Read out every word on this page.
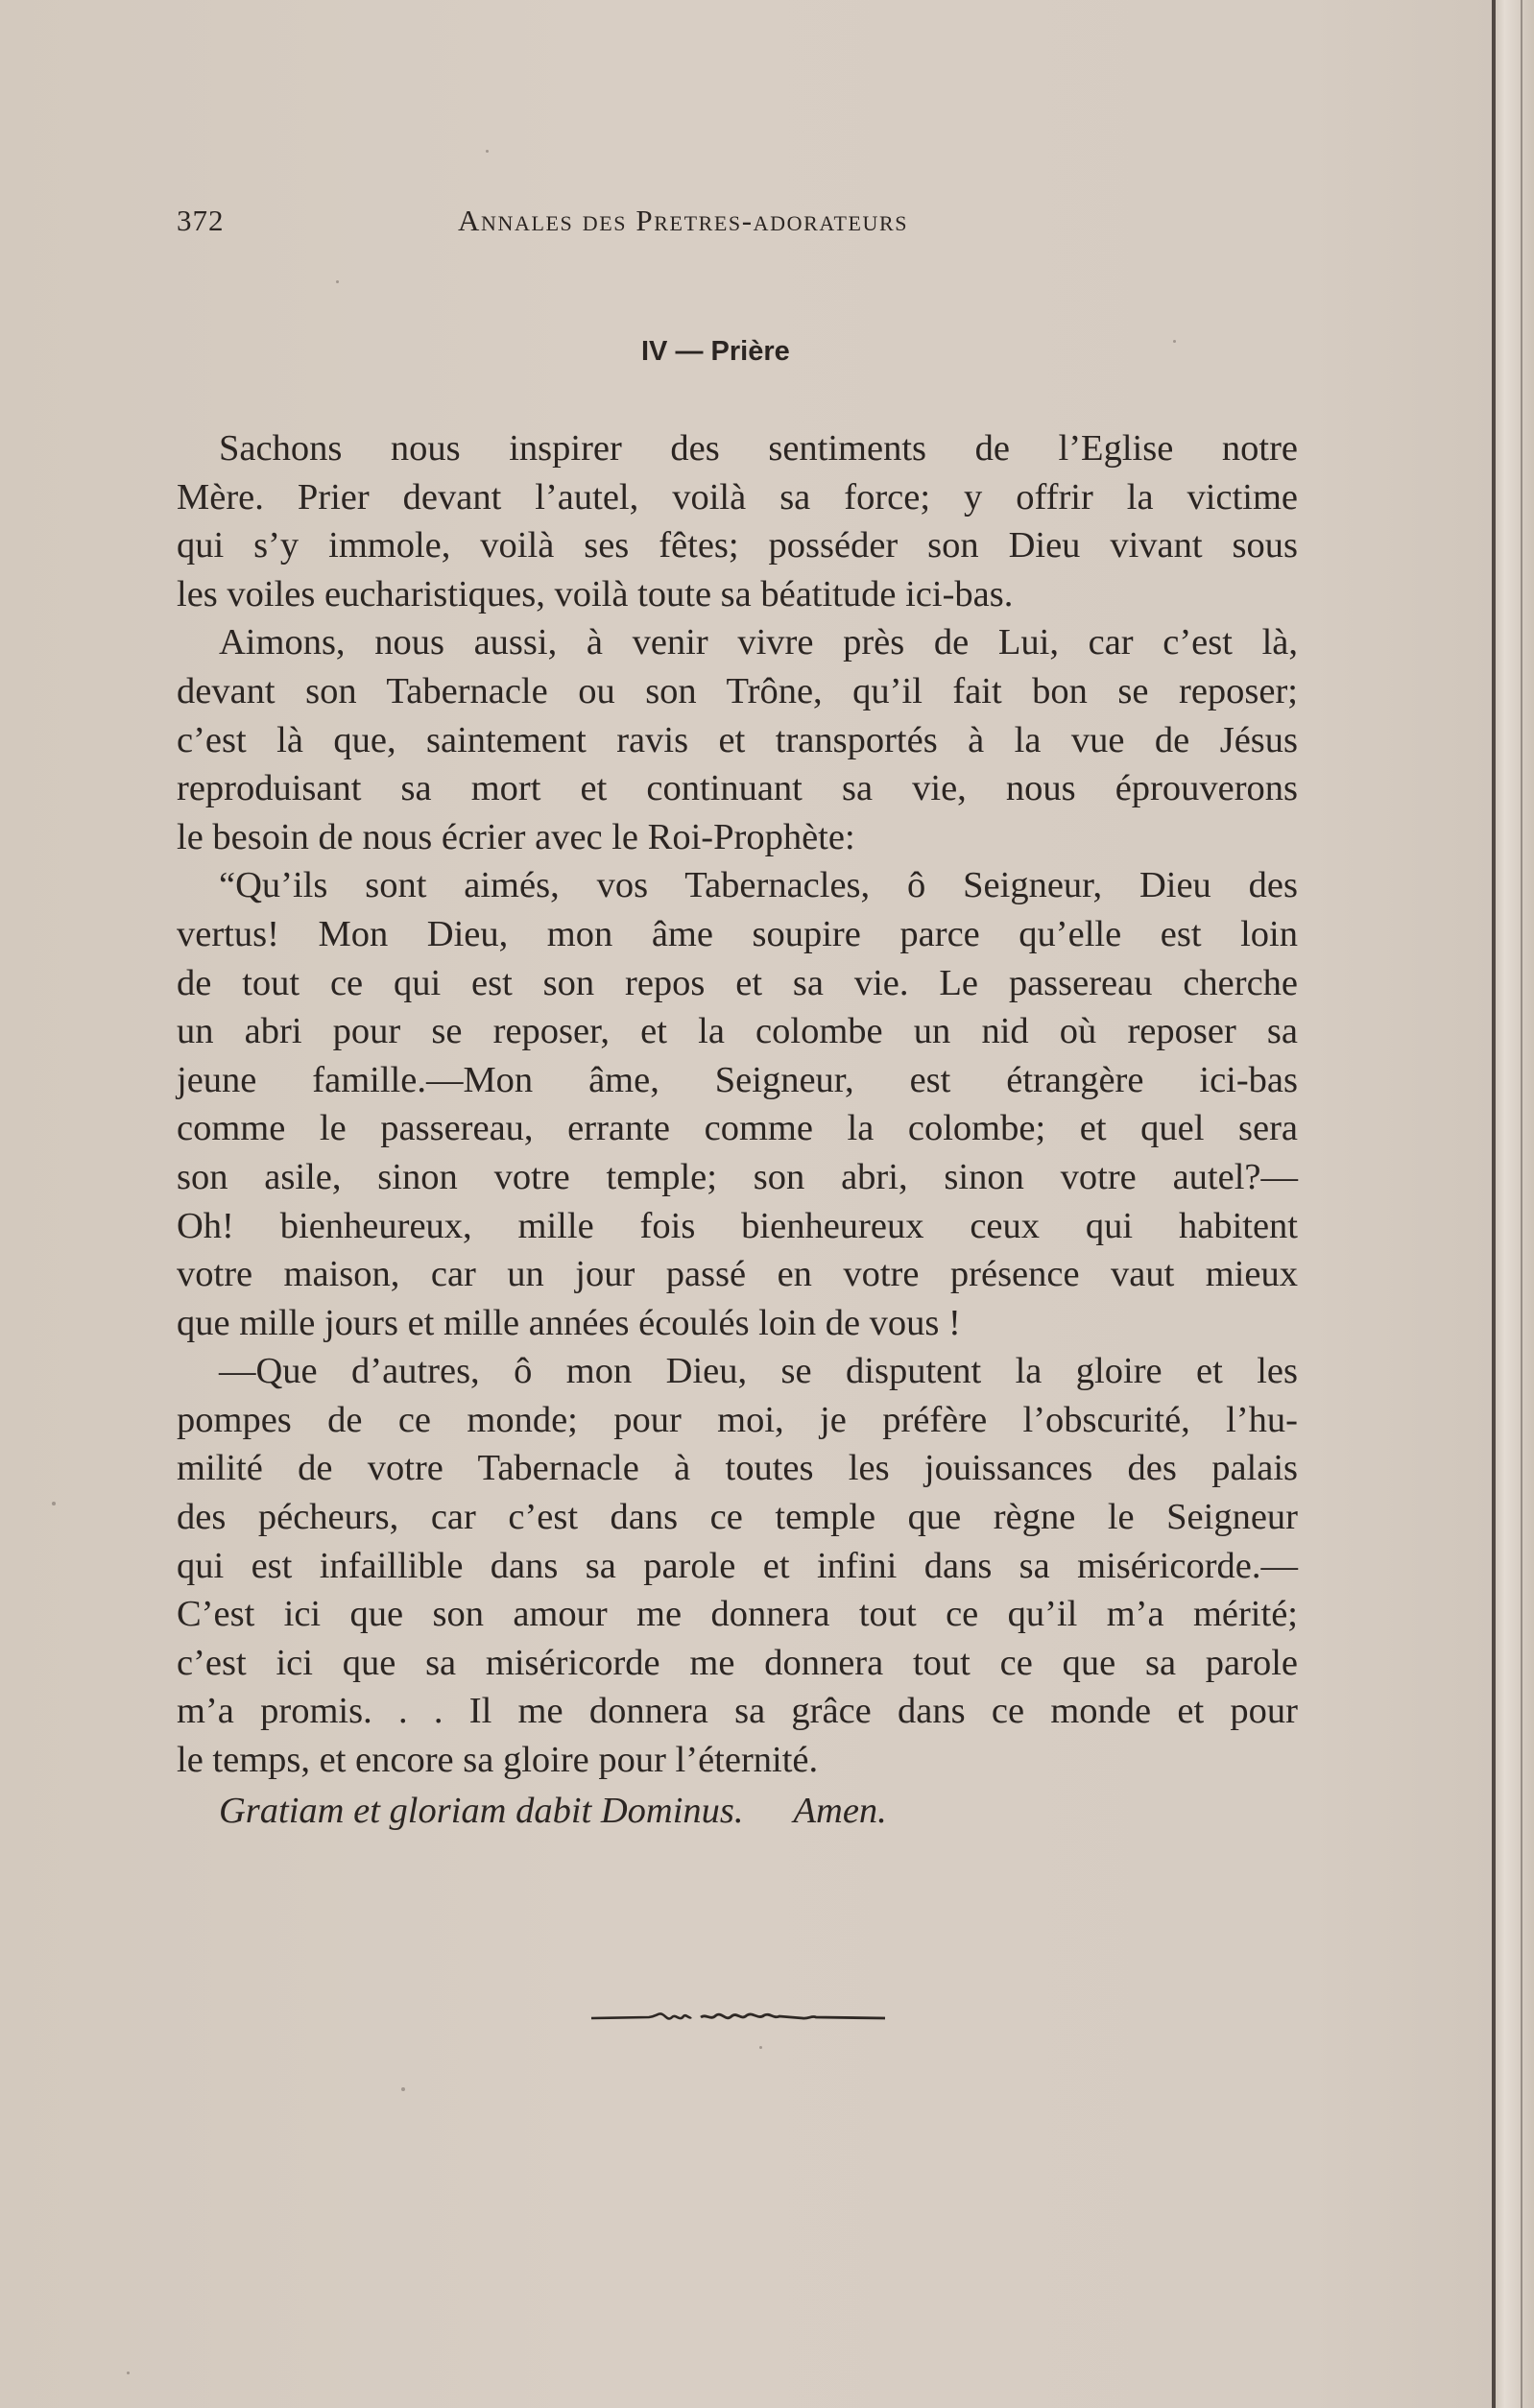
372	Annales des Pretres-adorateurs
IV — Prière
Sachons nous inspirer des sentiments de l’Eglise notre
Mère. Prier devant l’autel, voilà sa force; y offrir la victime
qui s’y immole, voilà ses fêtes; posséder son Dieu vivant sous
les voiles eucharistiques, voilà toute sa béatitude ici-bas.
Aimons, nous aussi, à venir vivre près de Lui, car c’est là,
devant son Tabernacle ou son Trône, qu’il fait bon se reposer;
c’est là que, saintement ravis et transportés à la vue de Jésus
reproduisant sa mort et continuant sa vie, nous éprouverons
le besoin de nous écrier avec le Roi-Prophète:
“Qu’ils sont aimés, vos Tabernacles, ô Seigneur, Dieu des
vertus! Mon Dieu, mon âme soupire parce qu’elle est loin
de tout ce qui est son repos et sa vie. Le passereau cherche
un abri pour se reposer, et la colombe un nid où reposer sa
jeune famille.—Mon âme, Seigneur, est étrangère ici-bas
comme le passereau, errante comme la colombe; et quel sera
son asile, sinon votre temple; son abri, sinon votre autel?—
Oh! bienheureux, mille fois bienheureux ceux qui habitent
votre maison, car un jour passé en votre présence vaut mieux
que mille jours et mille années écoulés loin de vous !
—Que d’autres, ô mon Dieu, se disputent la gloire et les
pompes de ce monde; pour moi, je préfère l’obscurité, l’hu-
milité de votre Tabernacle à toutes les jouissances des palais
des pécheurs, car c’est dans ce temple que règne le Seigneur
qui est infaillible dans sa parole et infini dans sa miséricorde.—
C’est ici que son amour me donnera tout ce qu’il m’a mérité;
c’est ici que sa miséricorde me donnera tout ce que sa parole
m’a promis. . . Il me donnera sa grâce dans ce monde et pour
le temps, et encore sa gloire pour l’éternité.
Gratiam et gloriam dabit Dominus. Amen.
